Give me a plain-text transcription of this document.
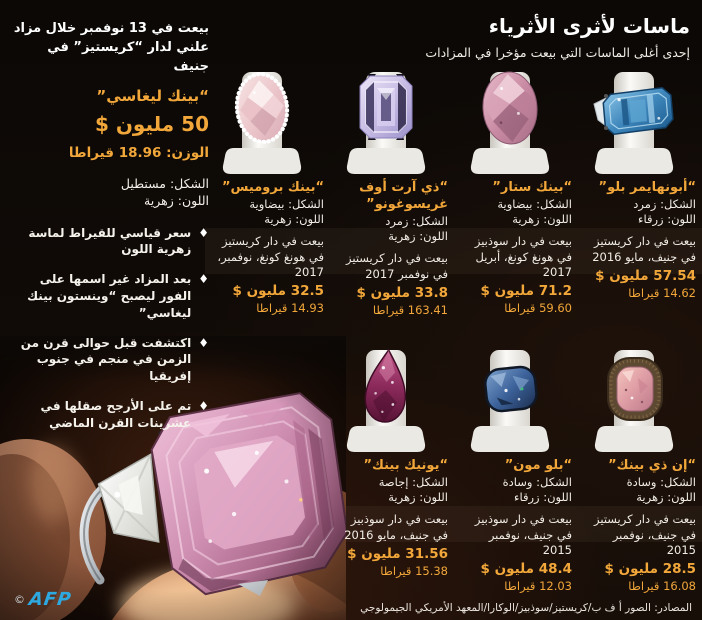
ماسات لأثرى الأثرياء
إحدى أغلى الماسات التي بيعت مؤخرا في المزادات
بيعت في 13 نوفمبر خلال مزاد علني لدار “كريستيز” في جنيف
“بينك ليغاسي”
50 مليون $
الوزن: 18.96 قيراطا
الشكل: مستطيل
اللون: زهرية
♦
سعر قياسي للقيراط لماسة زهرية اللون
♦
بعد المزاد غير اسمها على الفور ليصبح “وينستون بينك ليغاسي”
♦
اكتشفت قبل حوالى قرن من الزمن في منجم في جنوب إفريقيا
♦
تم على الأرجح صقلها في عشرينات القرن الماضي
“أبونهايمر بلو”
الشكل: زمرد
اللون: زرقاء
بيعت في دار كريستيز في جنيف، مايو 2016
57.54 مليون $
14.62 قيراطا
“بينك ستار”
الشكل: بيضاوية
اللون: زهرية
بيعت في دار سوذبيز في هونغ كونغ، أبريل 2017
71.2 مليون $
59.60 قيراطا
“ذي آرت أوف غريسوغونو”
الشكل: زمرد
اللون: زهرية
بيعت في دار كريستيز في نوفمبر 2017
33.8 مليون $
163.41 قيراطا
“بينك بروميس”
الشكل: بيضاوية
اللون: زهرية
بيعت في دار كريستيز في هونغ كونغ، نوفمبر، 2017
32.5 مليون $
14.93 قيراطا
“إن ذي بينك”
الشكل: وسادة
اللون: زهرية
بيعت في دار كريستيز في جنيف، نوفمبر 2015
28.5 مليون $
16.08 قيراطا
“بلو مون”
الشكل: وسادة
اللون: زرقاء
بيعت في دار سوذبيز في جنيف، نوفمبر 2015
48.4 مليون $
12.03 قيراطا
“يونيك بينك”
الشكل: إجاصة
اللون: زهرية
بيعت في دار سوذبيز في جنيف، مايو 2016
31.56 مليون $
15.38 قيراطا
المصادر: الصور أ ف ب/كريستيز/سوذبيز/الوكارا/المعهد الأمريكي الجيمولوجي
© AFP
